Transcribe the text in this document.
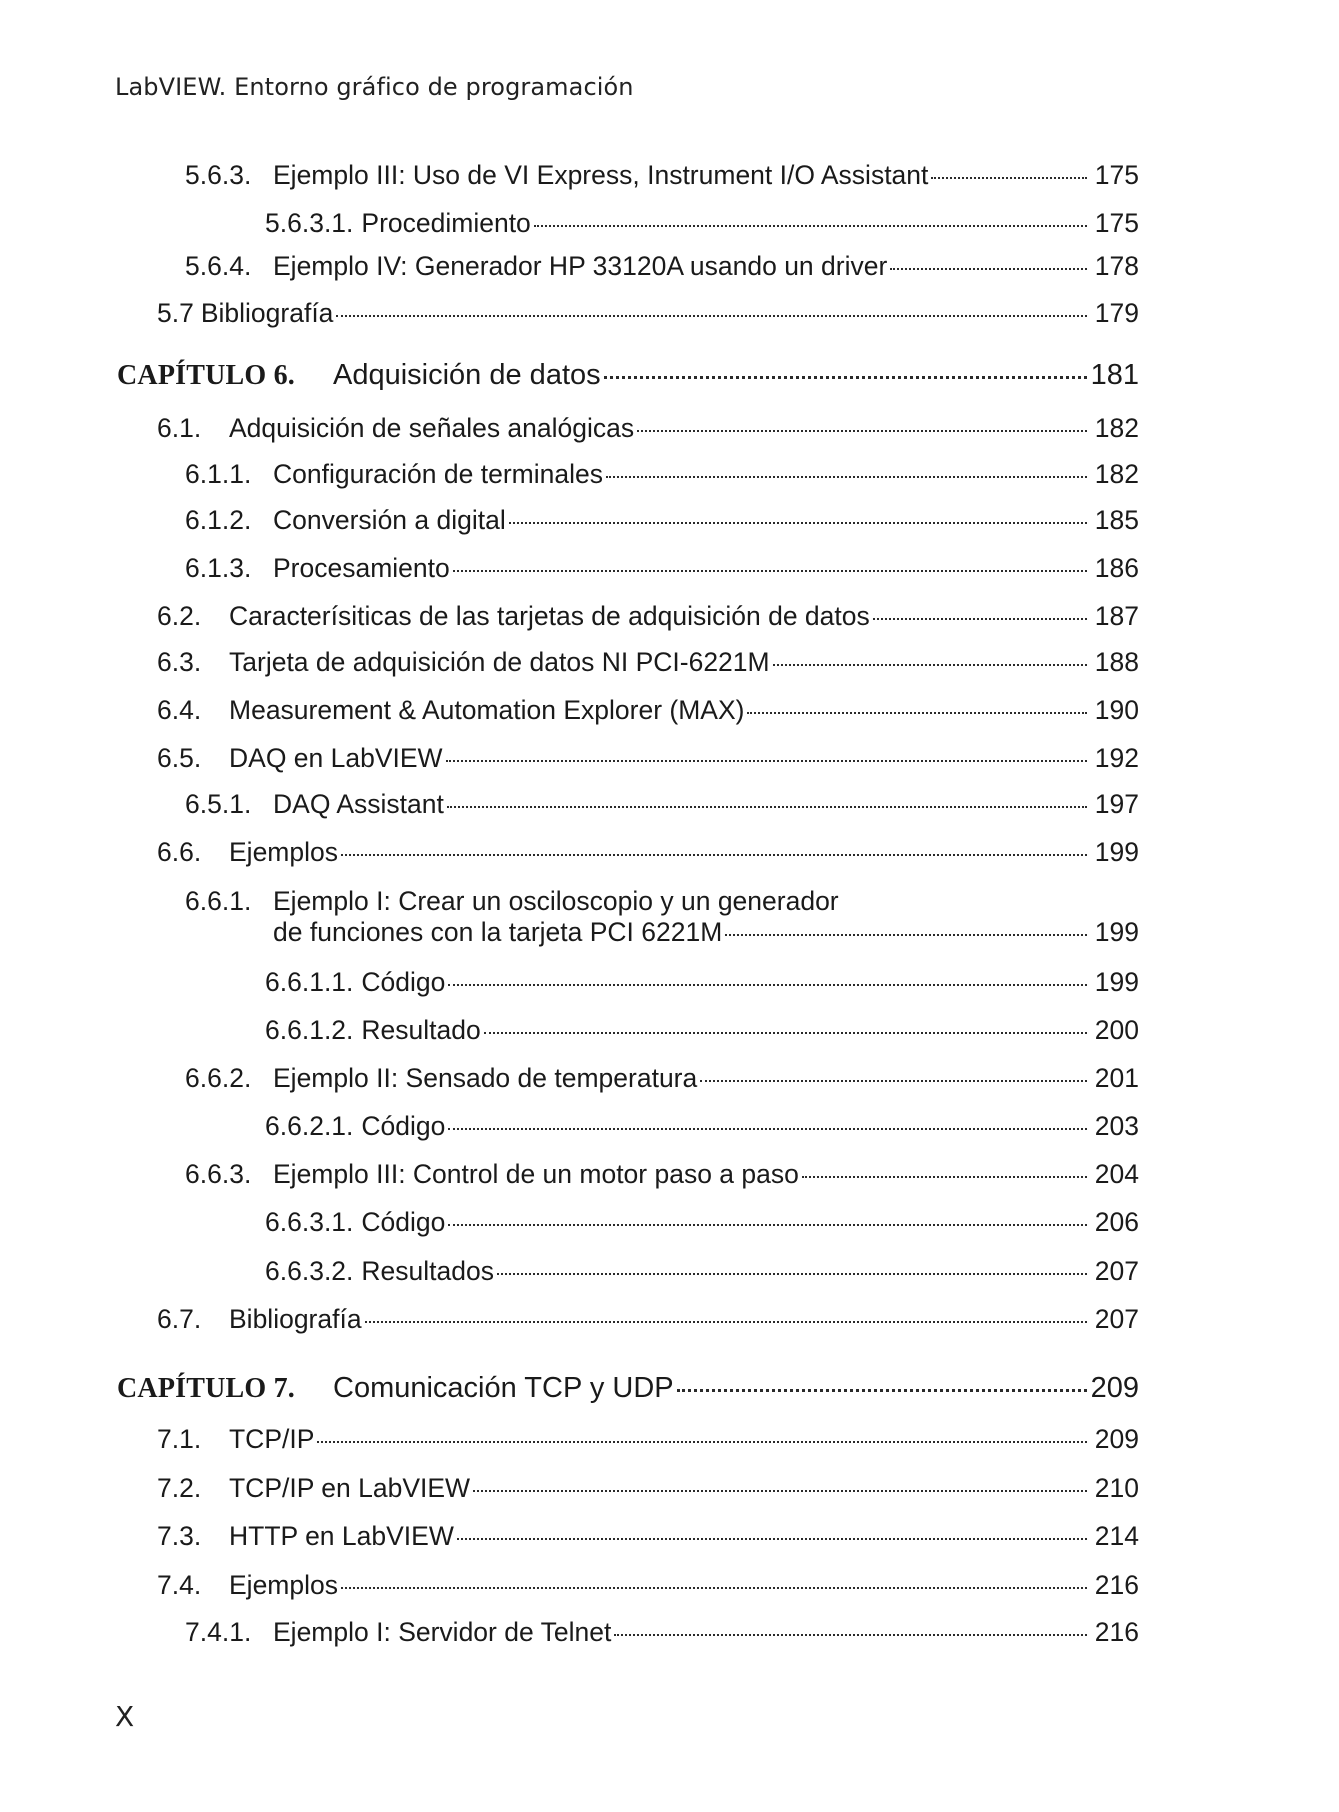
LabVIEW. Entorno gráfico de programación
5.6.3. Ejemplo III: Uso de VI Express, Instrument I/O Assistant	175
5.6.3.1. Procedimiento	175
5.6.4. Ejemplo IV: Generador HP 33120A usando un driver	178
5.7 Bibliografía	179
CAPÍTULO 6.	Adquisición de datos	181
6.1.	Adquisición de señales analógicas	182
6.1.1. Configuración de terminales	182
6.1.2. Conversión a digital	185
6.1.3. Procesamiento	186
6.2.	Caracterísiticas de las tarjetas de adquisición de datos	187
6.3.	Tarjeta de adquisición de datos NI PCI-6221M	188
6.4.	Measurement & Automation Explorer (MAX)	190
6.5.	DAQ en LabVIEW	192
6.5.1. DAQ Assistant	197
6.6.	Ejemplos	199
6.6.1. Ejemplo I: Crear un osciloscopio y un generador
de funciones con la tarjeta PCI 6221M	199
6.6.1.1. Código	199
6.6.1.2. Resultado	200
6.6.2. Ejemplo II: Sensado de temperatura	201
6.6.2.1. Código	203
6.6.3. Ejemplo III: Control de un motor paso a paso	204
6.6.3.1. Código	206
6.6.3.2. Resultados	207
6.7.	Bibliografía	207
CAPÍTULO 7.	Comunicación TCP y UDP	209
7.1.	TCP/IP	209
7.2.	TCP/IP en LabVIEW	210
7.3.	HTTP en LabVIEW	214
7.4.	Ejemplos	216
7.4.1. Ejemplo I: Servidor de Telnet	216
X
